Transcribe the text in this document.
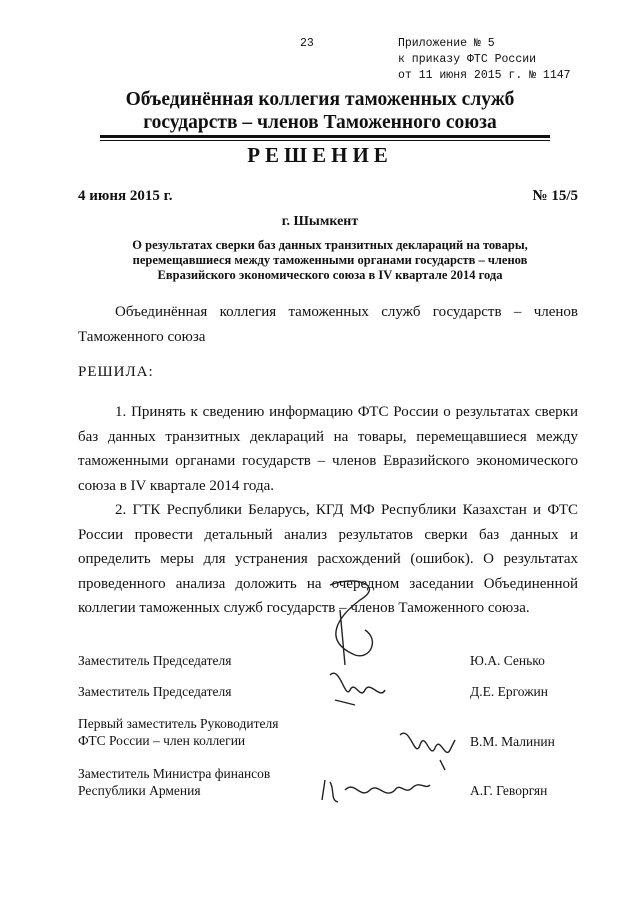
23	Приложение № 5
к приказу ФТС России
от 11 июня 2015 г. № 1147
Объединённая коллегия таможенных служб
государств – членов Таможенного союза
РЕШЕНИЕ
4 июня 2015 г.	№ 15/5
г. Шымкент
О результатах сверки баз данных транзитных деклараций на товары,
перемещавшиеся между таможенными органами государств – членов
Евразийского экономического союза в IV квартале 2014 года

Объединённая коллегия таможенных служб государств – членов Таможенного союза

РЕШИЛА:

1. Принять к сведению информацию ФТС России о результатах сверки баз данных транзитных деклараций на товары, перемещавшиеся между таможенными органами государств – членов Евразийского экономического союза в IV квартале 2014 года.

2. ГТК Республики Беларусь, КГД МФ Республики Казахстан и ФТС России провести детальный анализ результатов сверки баз данных и определить меры для устранения расхождений (ошибок). О результатах проведенного анализа доложить на очередном заседании Объединенной коллегии таможенных служб государств – членов Таможенного союза.

Заместитель Председателя	Ю.А. Сенько
Заместитель Председателя	Д.Е. Ергожин
Первый заместитель Руководителя
ФТС России – член коллегии	В.М. Малинин
Заместитель Министра финансов
Республики Армения	А.Г. Геворгян
